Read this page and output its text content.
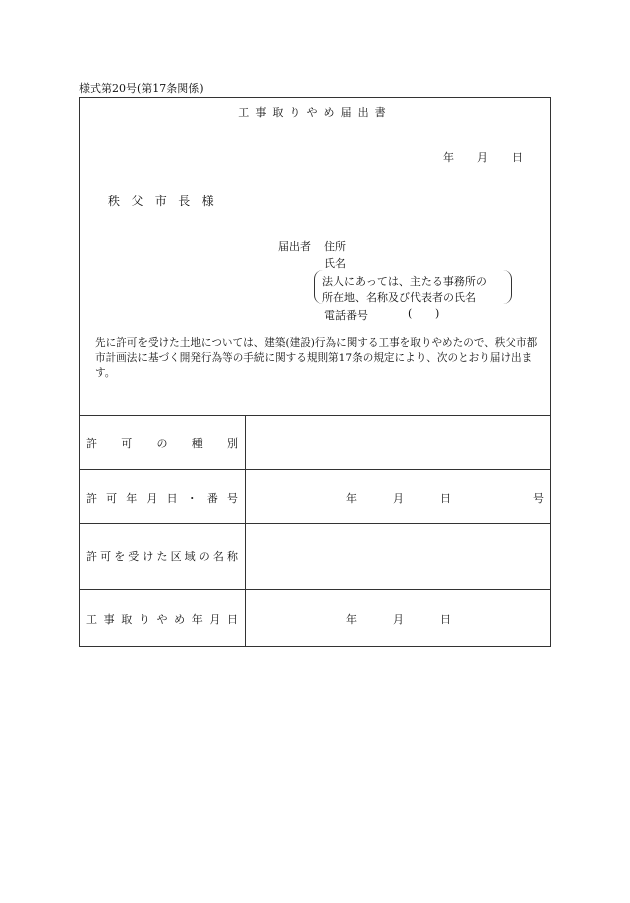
様式第20号(第17条関係)
工事取りやめ届出書
年 月 日
秩父市長様
届出者 住所
氏名
法人にあっては、主たる事務所の
所在地、名称及び代表者の氏名
電話番号	( )
先に許可を受けた土地については、建築(建設)行為に関する工事を取りやめたので、秩父市都市計画法に基づく開発行為等の手続に関する規則第17条の規定により、次のとおり届け出ます。
許 可 の 種 別
許 可 年 月 日 ・ 番 号	年	月	日	号
許 可 を 受 け た 区 域 の 名 称
工 事 取 り や め 年 月 日	年	月	日
